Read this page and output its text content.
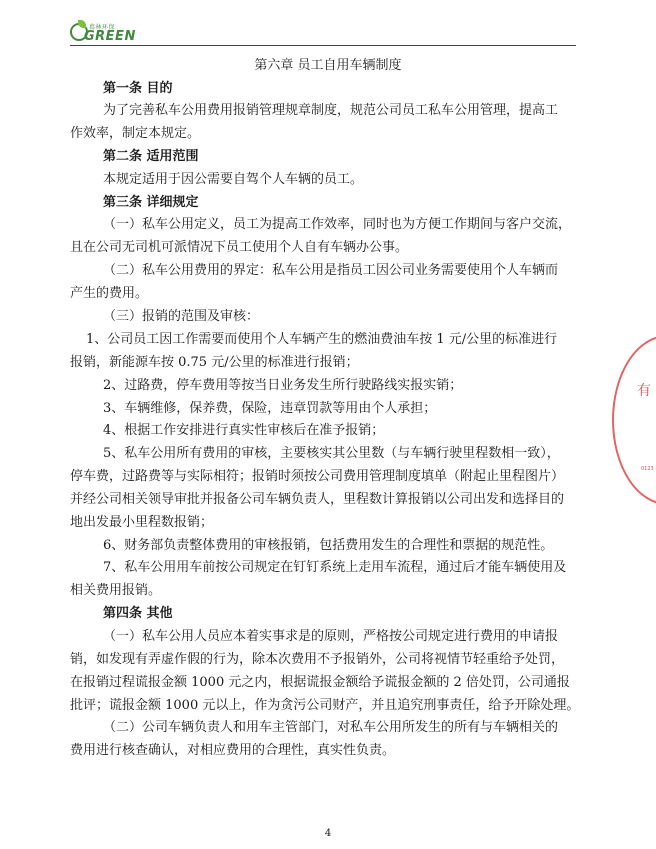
葛林环保
GREEN
第六章 员工自用车辆制度
第一条 目的
为了完善私车公用费用报销管理规章制度，规范公司员工私车公用管理，提高工
作效率，制定本规定。
第二条 适用范围
本规定适用于因公需要自驾个人车辆的员工。
第三条 详细规定
（一）私车公用定义，员工为提高工作效率，同时也为方便工作期间与客户交流，
且在公司无司机可派情况下员工使用个人自有车辆办公事。
（二）私车公用费用的界定：私车公用是指员工因公司业务需要使用个人车辆而
产生的费用。
（三）报销的范围及审核：
1、公司员工因工作需要而使用个人车辆产生的燃油费油车按 1 元/公里的标准进行
报销，新能源车按 0.75 元/公里的标准进行报销；
2、过路费，停车费用等按当日业务发生所行驶路线实报实销；
3、车辆维修，保养费，保险，违章罚款等用由个人承担；
4、根据工作安排进行真实性审核后在准予报销；
5、私车公用所有费用的审核，主要核实其公里数（与车辆行驶里程数相一致），
停车费，过路费等与实际相符；报销时须按公司费用管理制度填单（附起止里程图片）
并经公司相关领导审批并报备公司车辆负责人，里程数计算报销以公司出发和选择目的
地出发最小里程数报销；
6、财务部负责整体费用的审核报销，包括费用发生的合理性和票据的规范性。
7、私车公用用车前按公司规定在钉钉系统上走用车流程，通过后才能车辆使用及
相关费用报销。
第四条 其他
（一）私车公用人员应本着实事求是的原则，严格按公司规定进行费用的申请报
销，如发现有弄虚作假的行为，除本次费用不予报销外，公司将视情节轻重给予处罚，
在报销过程谎报金额 1000 元之内，根据谎报金额给予谎报金额的 2 倍处罚，公司通报
批评；谎报金额 1000 元以上，作为贪污公司财产，并且追究刑事责任，给予开除处理。
（二）公司车辆负责人和用车主管部门，对私车公用所发生的所有与车辆相关的
费用进行核查确认，对相应费用的合理性，真实性负责。
有
0123
4
